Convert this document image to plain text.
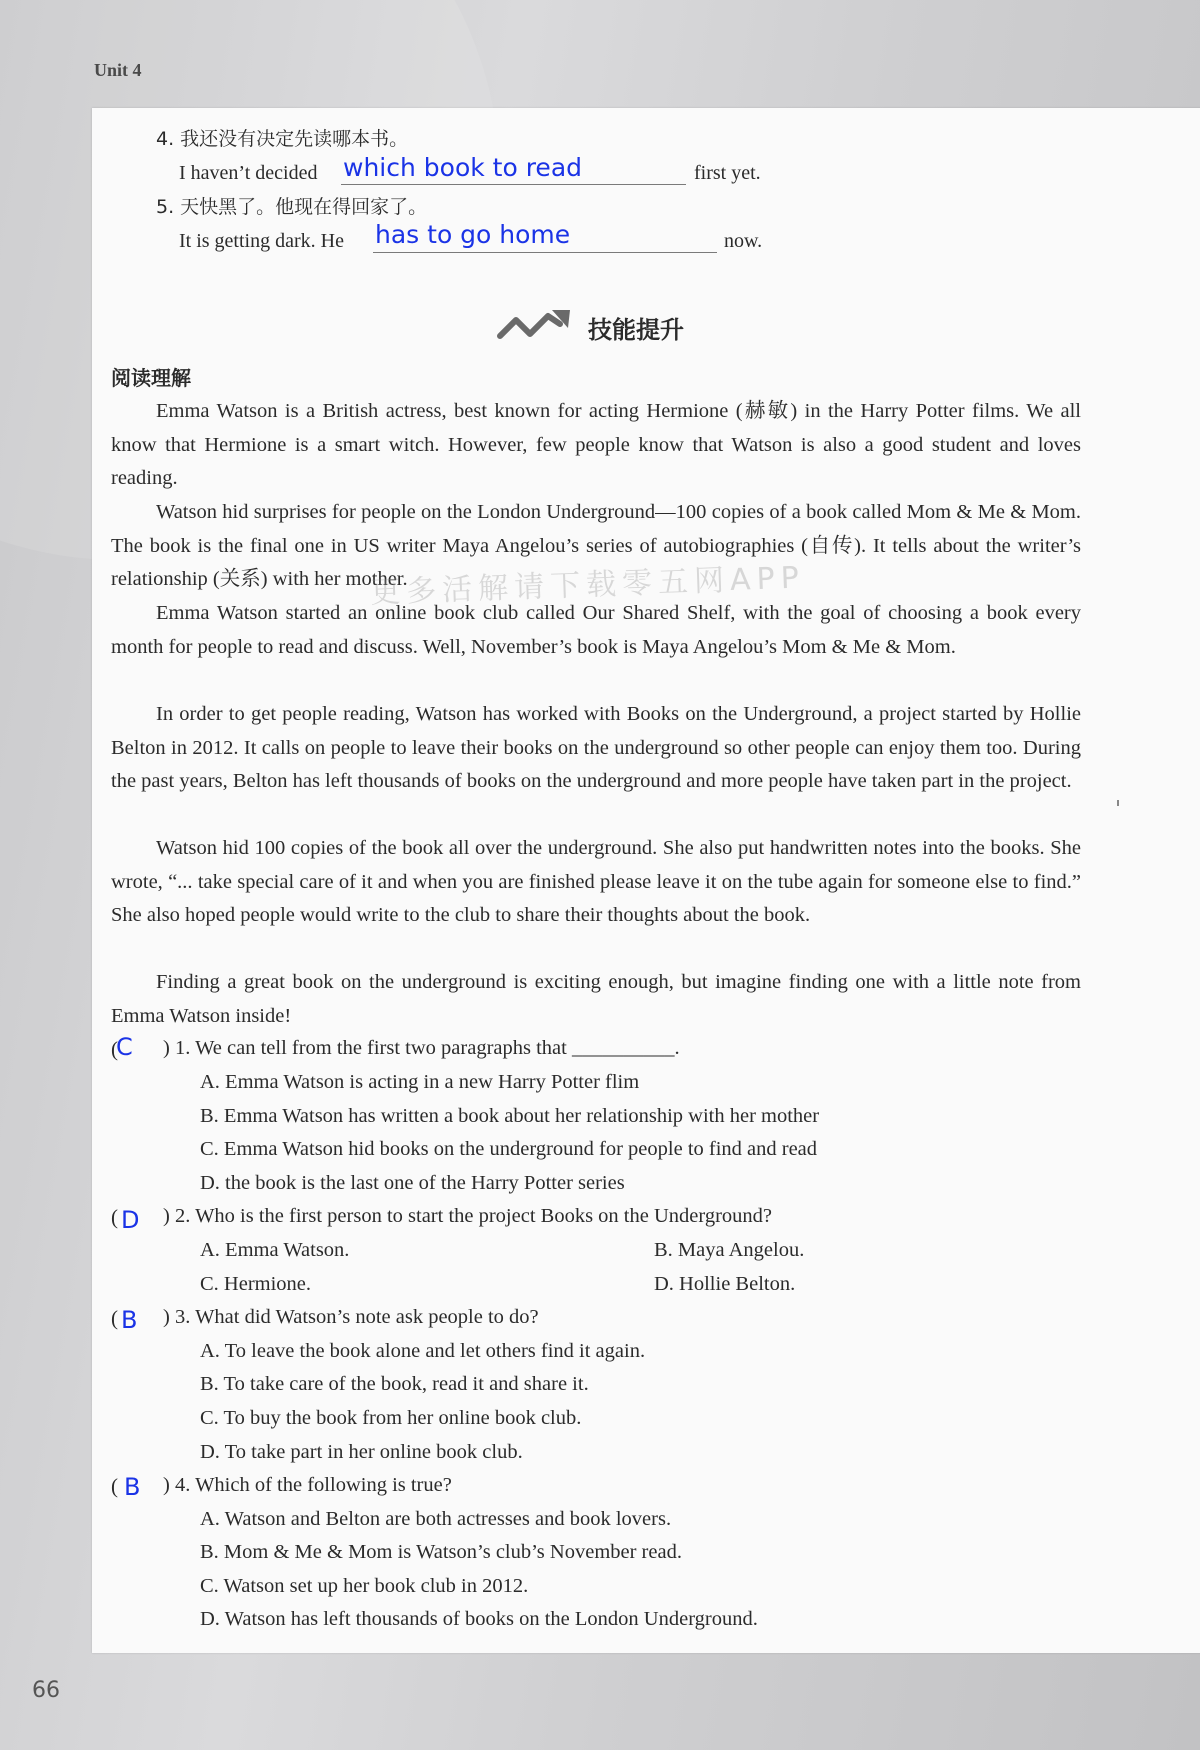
Unit 4
66
4. 我还没有决定先读哪本书。
I haven’t decided which book to read	first yet.
5. 天快黑了。他现在得回家了。
It is getting dark. He has to go home	now.
技能提升
阅读理解

Emma Watson is a British actress, best known for acting Hermione (赫敏) in the Harry Potter films. We all know that Hermione is a smart witch. However, few people know that Watson is also a good student and loves reading.

Watson hid surprises for people on the London Underground—100 copies of a book called Mom & Me & Mom. The book is the final one in US writer Maya Angelou’s series of autobiographies (自传). It tells about the writer’s relationship (关系) with her mother.

Emma Watson started an online book club called Our Shared Shelf, with the goal of choosing a book every month for people to read and discuss. Well, November’s book is Maya Angelou’s Mom & Me & Mom.

In order to get people reading, Watson has worked with Books on the Underground, a project started by Hollie Belton in 2012. It calls on people to leave their books on the underground so other people can enjoy them too. During the past years, Belton has left thousands of books on the underground and more people have taken part in the project.

Watson hid 100 copies of the book all over the underground. She also put handwritten notes into the books. She wrote, “... take special care of it and when you are finished please leave it on the tube again for someone else to find.” She also hoped people would write to the club to share their thoughts about the book.

Finding a great book on the underground is exciting enough, but imagine finding one with a little note from Emma Watson inside!

更多活解请下载零五网APP
(
C ) 1. We can tell from the first two paragraphs that __________.
A. Emma Watson is acting in a new Harry Potter flim
B. Emma Watson has written a book about her relationship with her mother
C. Emma Watson hid books on the underground for people to find and read
D. the book is the last one of the Harry Potter series
( D ) 2. Who is the first person to start the project Books on the Underground?
A. Emma Watson.	B. Maya Angelou.
C. Hermione.	D. Hollie Belton.
( B ) 3. What did Watson’s note ask people to do?
A. To leave the book alone and let others find it again.
B. To take care of the book, read it and share it.
C. To buy the book from her online book club.
D. To take part in her online book club.
( B ) 4. Which of the following is true?
A. Watson and Belton are both actresses and book lovers.
B. Mom & Me & Mom is Watson’s club’s November read.
C. Watson set up her book club in 2012.
D. Watson has left thousands of books on the London Underground.
